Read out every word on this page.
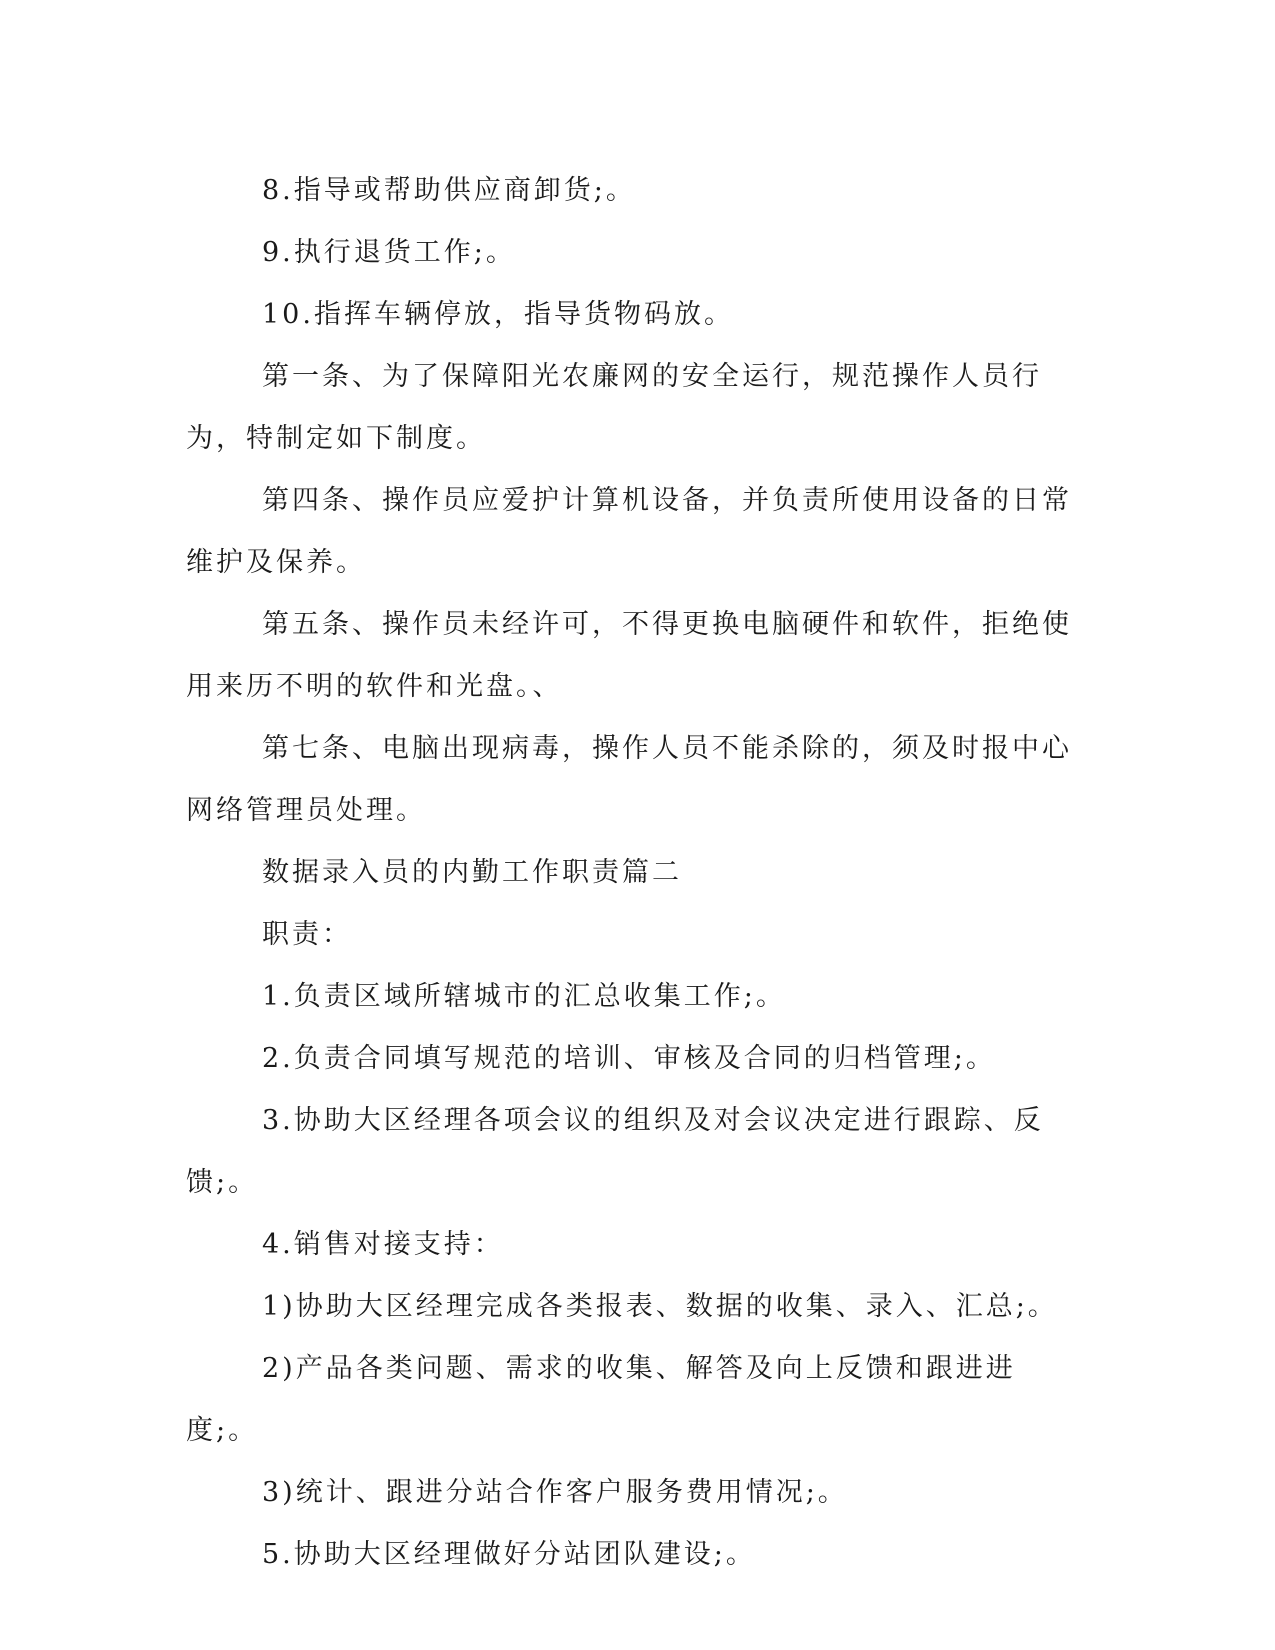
8.指导或帮助供应商卸货;。

9.执行退货工作;。

10.指挥车辆停放，指导货物码放。

第一条、为了保障阳光农廉网的安全运行，规范操作人员行为，特制定如下制度。

第四条、操作员应爱护计算机设备，并负责所使用设备的日常维护及保养。

第五条、操作员未经许可，不得更换电脑硬件和软件，拒绝使用来历不明的软件和光盘。、

第七条、电脑出现病毒，操作人员不能杀除的，须及时报中心网络管理员处理。

数据录入员的内勤工作职责篇二

职责：

1.负责区域所辖城市的汇总收集工作;。

2.负责合同填写规范的培训、审核及合同的归档管理;。

3.协助大区经理各项会议的组织及对会议决定进行跟踪、反馈;。

4.销售对接支持：

1)协助大区经理完成各类报表、数据的收集、录入、汇总;。

2)产品各类问题、需求的收集、解答及向上反馈和跟进进度;。

3)统计、跟进分站合作客户服务费用情况;。

5.协助大区经理做好分站团队建设;。
